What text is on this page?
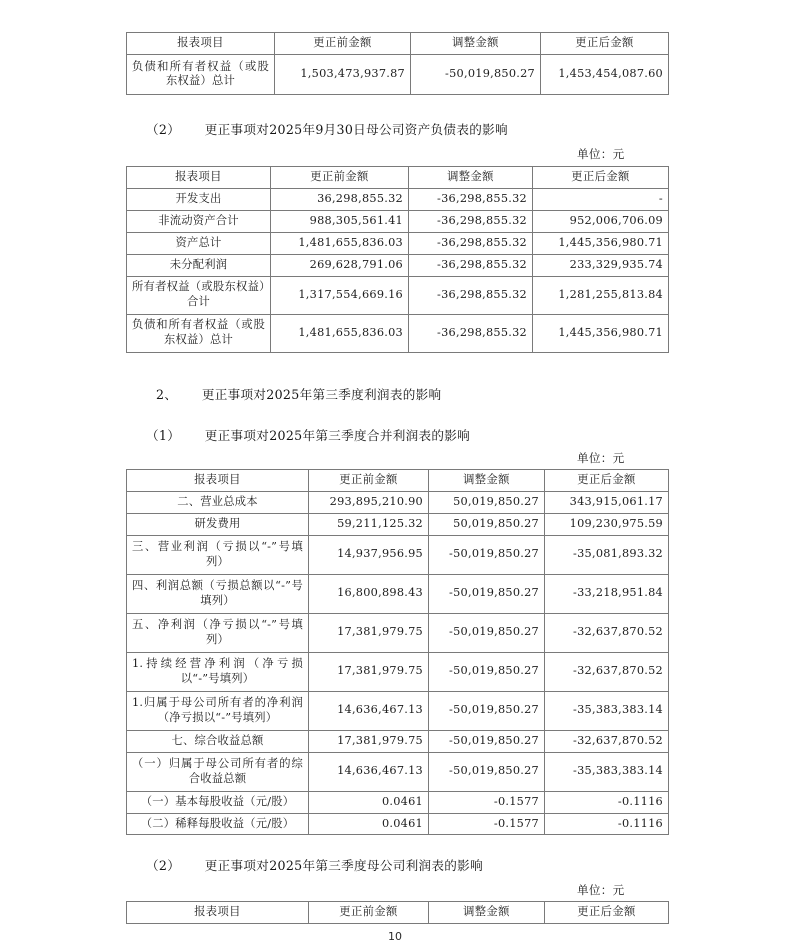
报表项目	更正前金额	调整金额	更正后金额
负债和所有者权益（或股东权益）总计	1,503,473,937.87	-50,019,850.27	1,453,454,087.60
（2） 更正事项对2025年9月30日母公司资产负债表的影响
单位：元
报表项目	更正前金额	调整金额	更正后金额
开发支出	36,298,855.32	-36,298,855.32	-
非流动资产合计	988,305,561.41	-36,298,855.32	952,006,706.09
资产总计	1,481,655,836.03	-36,298,855.32	1,445,356,980.71
未分配利润	269,628,791.06	-36,298,855.32	233,329,935.74
所有者权益（或股东权益）合计	1,317,554,669.16	-36,298,855.32	1,281,255,813.84
负债和所有者权益（或股东权益）总计	1,481,655,836.03	-36,298,855.32	1,445,356,980.71
2、 更正事项对2025年第三季度利润表的影响
（1） 更正事项对2025年第三季度合并利润表的影响
单位：元
报表项目	更正前金额	调整金额	更正后金额
二、营业总成本	293,895,210.90	50,019,850.27	343,915,061.17
研发费用	59,211,125.32	50,019,850.27	109,230,975.59
三、营业利润（亏损以“-”号填列）	14,937,956.95	-50,019,850.27	-35,081,893.32
四、利润总额（亏损总额以“-”号填列）	16,800,898.43	-50,019,850.27	-33,218,951.84
五、净利润（净亏损以“-”号填列）	17,381,979.75	-50,019,850.27	-32,637,870.52
1.持续经营净利润（净亏损以“-”号填列）	17,381,979.75	-50,019,850.27	-32,637,870.52
1.归属于母公司所有者的净利润（净亏损以“-”号填列）	14,636,467.13	-50,019,850.27	-35,383,383.14
七、综合收益总额	17,381,979.75	-50,019,850.27	-32,637,870.52
（一）归属于母公司所有者的综合收益总额	14,636,467.13	-50,019,850.27	-35,383,383.14
（一）基本每股收益（元/股）	0.0461	-0.1577	-0.1116
（二）稀释每股收益（元/股）	0.0461	-0.1577	-0.1116
（2） 更正事项对2025年第三季度母公司利润表的影响
单位：元
报表项目	更正前金额	调整金额	更正后金额
10
